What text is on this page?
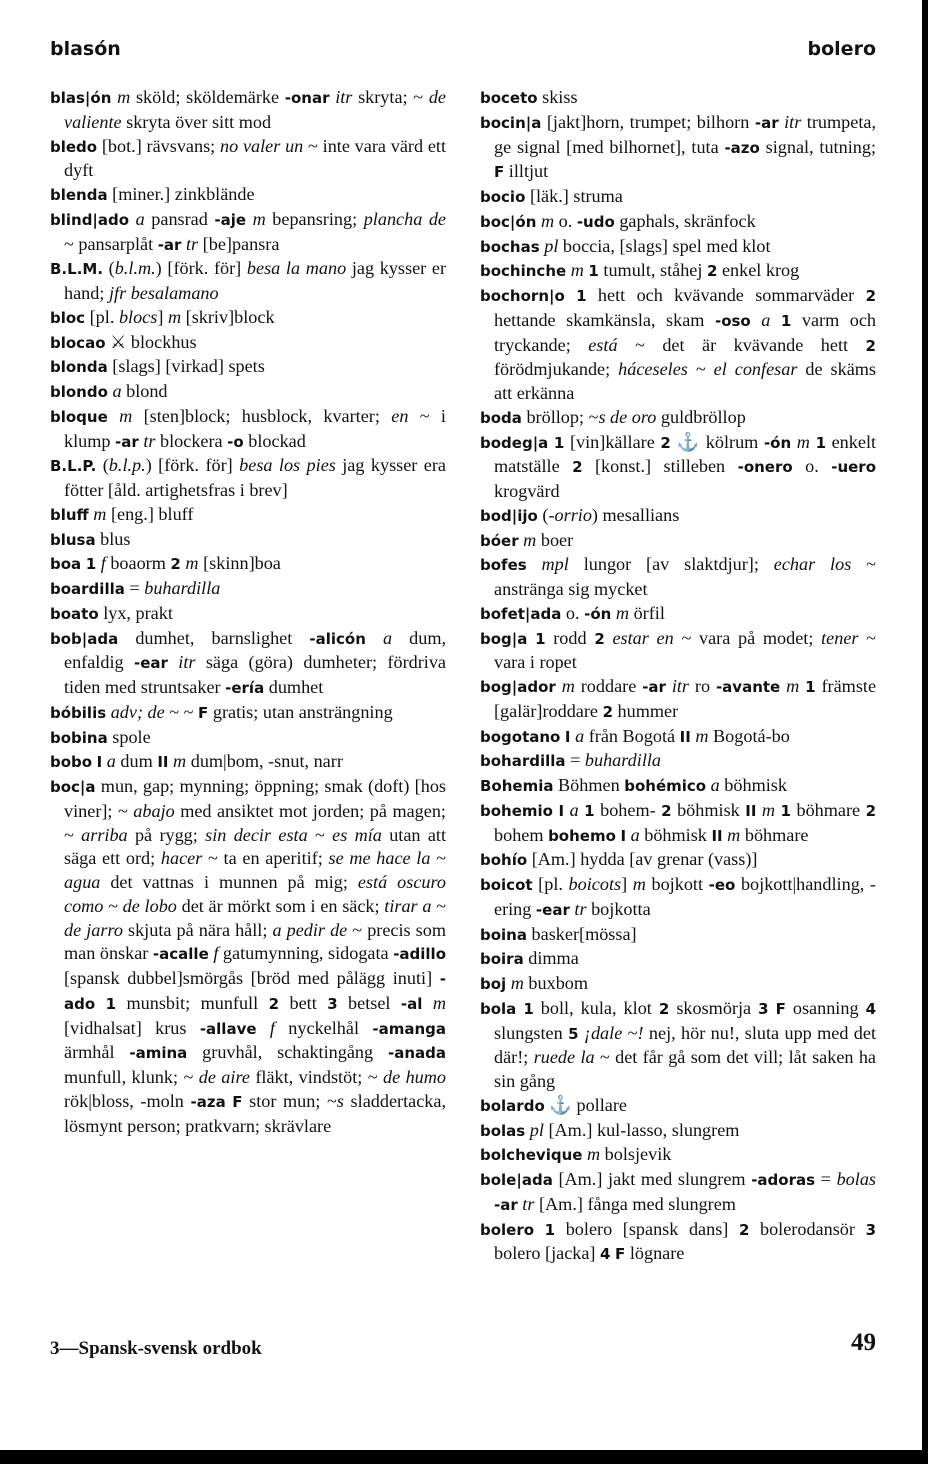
blasón	bolero
blas|ón m sköld; sköldemärke -onar itr skryta; ~ de valiente skryta över sitt mod
bledo [bot.] rävsvans; no valer un ~ inte vara värd ett dyft
blenda [miner.] zinkblände
blind|ado a pansrad -aje m bepansring; plancha de ~ pansarplåt -ar tr [be]pansra
B.L.M. (b.l.m.) [förk. för] besa la mano jag kysser er hand; jfr besalamano
bloc [pl. blocs] m [skriv]block
blocao ⚔ blockhus
blonda [slags] [virkad] spets
blondo a blond
bloque m [sten]block; husblock, kvarter; en ~ i klump -ar tr blockera -o blockad
B.L.P. (b.l.p.) [förk. för] besa los pies jag kysser era fötter [åld. artighetsfras i brev]
bluff m [eng.] bluff
blusa blus
boa 1 f boaorm 2 m [skinn]boa
boardilla = buhardilla
boato lyx, prakt
bob|ada dumhet, barnslighet -alicón a dum, enfaldig -ear itr säga (göra) dumheter; fördriva tiden med struntsaker -ería dumhet
bóbilis adv; de ~ ~ F gratis; utan ansträngning
bobina spole
bobo I a dum II m dum|bom, -snut, narr
boc|a mun, gap; mynning; öppning; smak (doft) [hos viner]; ~ abajo med ansiktet mot jorden; på magen; ~ arriba på rygg; sin decir esta ~ es mía utan att säga ett ord; hacer ~ ta en aperitif; se me hace la ~ agua det vattnas i munnen på mig; está oscuro como ~ de lobo det är mörkt som i en säck; tirar a ~ de jarro skjuta på nära håll; a pedir de ~ precis som man önskar -acalle f gatumynning, sidogata -adillo [spansk dubbel]smörgås [bröd med pålägg inuti] -ado 1 munsbit; munfull 2 bett 3 betsel -al m [vidhalsat] krus -allave f nyckelhål -amanga ärmhål -amina gruvhål, schaktingång -anada munfull, klunk; ~ de aire fläkt, vindstöt; ~ de humo rök|bloss, -moln -aza F stor mun; ~s sladdertacka, lösmynt person; pratkvarn; skrävlare
boceto skiss
bocin|a [jakt]horn, trumpet; bilhorn -ar itr trumpeta, ge signal [med bilhornet], tuta -azo signal, tutning; F illtjut
bocio [läk.] struma
boc|ón m o. -udo gaphals, skränfock
bochas pl boccia, [slags] spel med klot
bochinche m 1 tumult, ståhej 2 enkel krog
bochorn|o 1 hett och kvävande sommarväder 2 hettande skamkänsla, skam -oso a 1 varm och tryckande; está ~ det är kvävande hett 2 förödmjukande; háceseles ~ el confesar de skäms att erkänna
boda bröllop; ~s de oro guldbröllop
bodeg|a 1 [vin]källare 2 ⚓ kölrum -ón m 1 enkelt matställe 2 [konst.] stilleben -onero o. -uero krogvärd
bod|ijo (-orrio) mesallians
bóer m boer
bofes mpl lungor [av slaktdjur]; echar los ~ anstränga sig mycket
bofet|ada o. -ón m örfil
bog|a 1 rodd 2 estar en ~ vara på modet; tener ~ vara i ropet
bog|ador m roddare -ar itr ro -avante m 1 främste [galär]roddare 2 hummer
bogotano I a från Bogotá II m Bogotá-bo
bohardilla = buhardilla
Bohemia Böhmen bohémico a böhmisk
bohemio I a 1 bohem- 2 böhmisk II m 1 böhmare 2 bohem bohemo I a böhmisk II m böhmare
bohío [Am.] hydda [av grenar (vass)]
boicot [pl. boicots] m bojkott -eo bojkott|handling, -ering -ear tr bojkotta
boina basker[mössa]
boira dimma
boj m buxbom
bola 1 boll, kula, klot 2 skosmörja 3 F osanning 4 slungsten 5 ¡dale ~! nej, hör nu!, sluta upp med det där!; ruede la ~ det får gå som det vill; låt saken ha sin gång
bolardo ⚓ pollare
bolas pl [Am.] kul-lasso, slungrem
bolchevique m bolsjevik
bole|ada [Am.] jakt med slungrem -adoras = bolas -ar tr [Am.] fånga med slungrem
bolero 1 bolero [spansk dans] 2 bolerodansör 3 bolero [jacka] 4 F lögnare
3—Spansk-svensk ordbok	49
